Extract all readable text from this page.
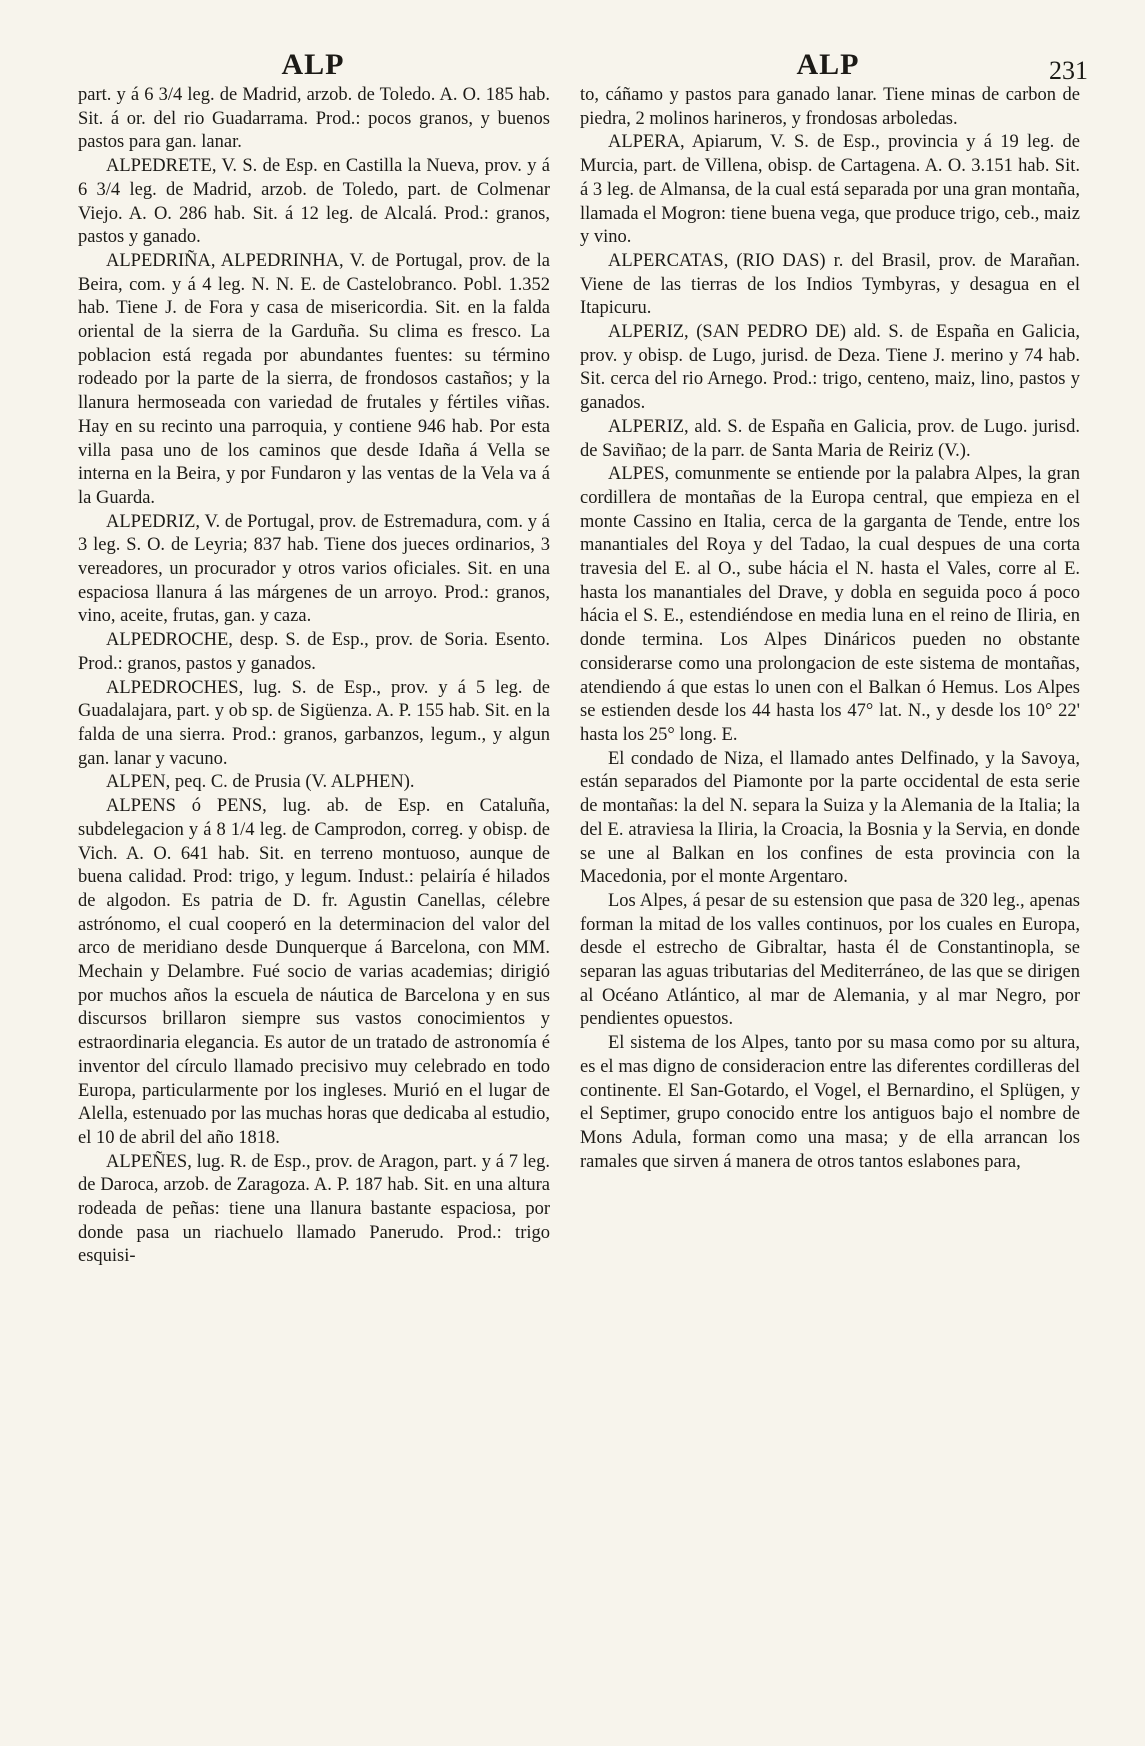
ALP	ALP	231

part. y á 6 3/4 leg. de Madrid, arzob. de Toledo. A. O. 185 hab. Sit. á or. del rio Guadarrama. Prod.: pocos granos, y buenos pastos para gan. lanar.

ALPEDRETE, V. S. de Esp. en Castilla la Nueva, prov. y á 6 3/4 leg. de Madrid, arzob. de Toledo, part. de Colmenar Viejo. A. O. 286 hab. Sit. á 12 leg. de Alcalá. Prod.: granos, pastos y ganado.

ALPEDRIÑA, ALPEDRINHA, V. de Portugal, prov. de la Beira, com. y á 4 leg. N. N. E. de Castelobranco. Pobl. 1.352 hab. Tiene J. de Fora y casa de misericordia. Sit. en la falda oriental de la sierra de la Garduña. Su clima es fresco. La poblacion está regada por abundantes fuentes: su término rodeado por la parte de la sierra, de frondosos castaños; y la llanura hermoseada con variedad de frutales y fértiles viñas. Hay en su recinto una parroquia, y contiene 946 hab. Por esta villa pasa uno de los caminos que desde Idaña á Vella se interna en la Beira, y por Fundaron y las ventas de la Vela va á la Guarda.

ALPEDRIZ, V. de Portugal, prov. de Estremadura, com. y á 3 leg. S. O. de Leyria; 837 hab. Tiene dos jueces ordinarios, 3 vereadores, un procurador y otros varios oficiales. Sit. en una espaciosa llanura á las márgenes de un arroyo. Prod.: granos, vino, aceite, frutas, gan. y caza.

ALPEDROCHE, desp. S. de Esp., prov. de Soria. Esento. Prod.: granos, pastos y ganados.

ALPEDROCHES, lug. S. de Esp., prov. y á 5 leg. de Guadalajara, part. y ob sp. de Sigüenza. A. P. 155 hab. Sit. en la falda de una sierra. Prod.: granos, garbanzos, legum., y algun gan. lanar y vacuno.

ALPEN, peq. C. de Prusia (V. ALPHEN).

ALPENS ó PENS, lug. ab. de Esp. en Cataluña, subdelegacion y á 8 1/4 leg. de Camprodon, correg. y obisp. de Vich. A. O. 641 hab. Sit. en terreno montuoso, aunque de buena calidad. Prod: trigo, y legum. Indust.: pelairía é hilados de algodon. Es patria de D. fr. Agustin Canellas, célebre astrónomo, el cual cooperó en la determinacion del valor del arco de meridiano desde Dunquerque á Barcelona, con MM. Mechain y Delambre. Fué socio de varias academias; dirigió por muchos años la escuela de náutica de Barcelona y en sus discursos brillaron siempre sus vastos conocimientos y estraordinaria elegancia. Es autor de un tratado de astronomía é inventor del círculo llamado precisivo muy celebrado en todo Europa, particularmente por los ingleses. Murió en el lugar de Alella, estenuado por las muchas horas que dedicaba al estudio, el 10 de abril del año 1818.

ALPEÑES, lug. R. de Esp., prov. de Aragon, part. y á 7 leg. de Daroca, arzob. de Zaragoza. A. P. 187 hab. Sit. en una altura rodeada de peñas: tiene una llanura bastante espaciosa, por donde pasa un riachuelo llamado Panerudo. Prod.: trigo esquisi-

to, cáñamo y pastos para ganado lanar. Tiene minas de carbon de piedra, 2 molinos harineros, y frondosas arboledas.

ALPERA, Apiarum, V. S. de Esp., provincia y á 19 leg. de Murcia, part. de Villena, obisp. de Cartagena. A. O. 3.151 hab. Sit. á 3 leg. de Almansa, de la cual está separada por una gran montaña, llamada el Mogron: tiene buena vega, que produce trigo, ceb., maiz y vino.

ALPERCATAS, (RIO DAS) r. del Brasil, prov. de Marañan. Viene de las tierras de los Indios Tymbyras, y desagua en el Itapicuru.

ALPERIZ, (SAN PEDRO DE) ald. S. de España en Galicia, prov. y obisp. de Lugo, jurisd. de Deza. Tiene J. merino y 74 hab. Sit. cerca del rio Arnego. Prod.: trigo, centeno, maiz, lino, pastos y ganados.

ALPERIZ, ald. S. de España en Galicia, prov. de Lugo. jurisd. de Saviñao; de la parr. de Santa Maria de Reiriz (V.).

ALPES, comunmente se entiende por la palabra Alpes, la gran cordillera de montañas de la Europa central, que empieza en el monte Cassino en Italia, cerca de la garganta de Tende, entre los manantiales del Roya y del Tadao, la cual despues de una corta travesia del E. al O., sube hácia el N. hasta el Vales, corre al E. hasta los manantiales del Drave, y dobla en seguida poco á poco hácia el S. E., estendiéndose en media luna en el reino de Iliria, en donde termina. Los Alpes Dináricos pueden no obstante considerarse como una prolongacion de este sistema de montañas, atendiendo á que estas lo unen con el Balkan ó Hemus. Los Alpes se estienden desde los 44 hasta los 47° lat. N., y desde los 10° 22' hasta los 25° long. E.

El condado de Niza, el llamado antes Delfinado, y la Savoya, están separados del Piamonte por la parte occidental de esta serie de montañas: la del N. separa la Suiza y la Alemania de la Italia; la del E. atraviesa la Iliria, la Croacia, la Bosnia y la Servia, en donde se une al Balkan en los confines de esta provincia con la Macedonia, por el monte Argentaro.

Los Alpes, á pesar de su estension que pasa de 320 leg., apenas forman la mitad de los valles continuos, por los cuales en Europa, desde el estrecho de Gibraltar, hasta él de Constantinopla, se separan las aguas tributarias del Mediterráneo, de las que se dirigen al Océano Atlántico, al mar de Alemania, y al mar Negro, por pendientes opuestos.

El sistema de los Alpes, tanto por su masa como por su altura, es el mas digno de consideracion entre las diferentes cordilleras del continente. El San-Gotardo, el Vogel, el Bernardino, el Splügen, y el Septimer, grupo conocido entre los antiguos bajo el nombre de Mons Adula, forman como una masa; y de ella arrancan los ramales que sirven á manera de otros tantos eslabones para,
